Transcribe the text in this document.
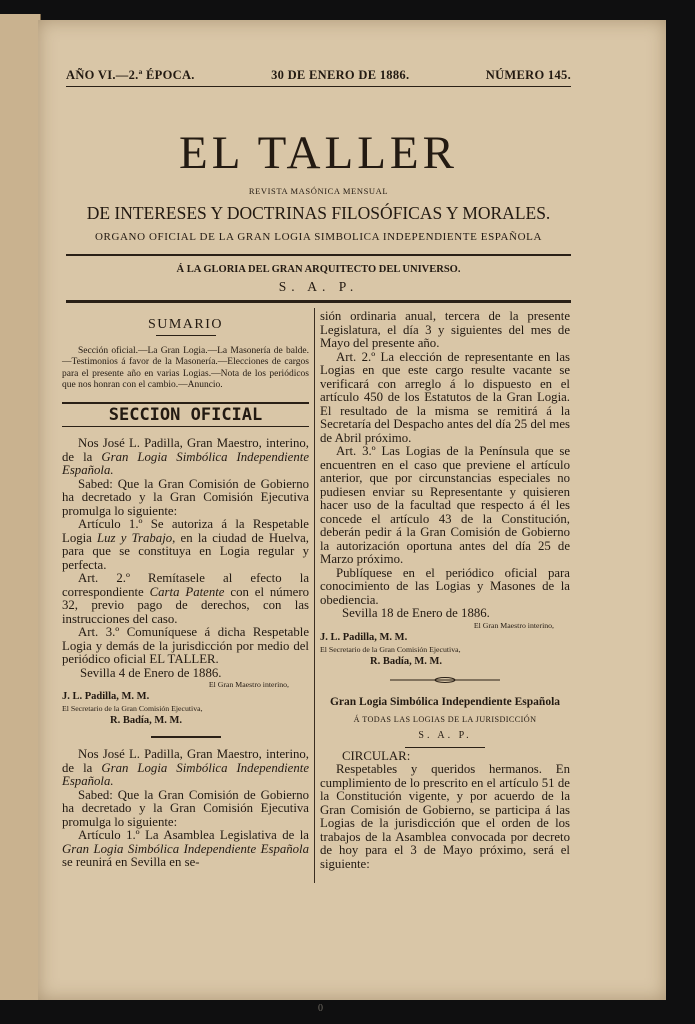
AÑO VI.—2.ª ÉPOCA.	30 DE ENERO DE 1886.	NÚMERO 145.
EL TALLER
REVISTA MASÓNICA MENSUAL
DE INTERESES Y DOCTRINAS FILOSÓFICAS Y MORALES.
ORGANO OFICIAL DE LA GRAN LOGIA SIMBOLICA INDEPENDIENTE ESPAÑOLA
Á LA GLORIA DEL GRAN ARQUITECTO DEL UNIVERSO.
S. A. P.
SUMARIO

Sección oficial.—La Gran Logia.—La Masonería de balde.—Testimonios á favor de la Masonería.—Elecciones de cargos para el presente año en varias Logias.—Nota de los periódicos que nos honran con el cambio.—Anuncio.

SECCION OFICIAL

Nos José L. Padilla, Gran Maestro, interino, de la Gran Logia Simbólica Independiente Española.

Sabed: Que la Gran Comisión de Gobierno ha decretado y la Gran Comisión Ejecutiva promulga lo siguiente:

Artículo 1.º Se autoriza á la Respetable Logia Luz y Trabajo, en la ciudad de Huelva, para que se constituya en Logia regular y perfecta.

Art. 2.º Remítasele al efecto la correspondiente Carta Patente con el número 32, previo pago de derechos, con las instrucciones del caso.

Art. 3.º Comuníquese á dicha Respetable Logia y demás de la jurisdicción por medio del periódico oficial EL TALLER.

Sevilla 4 de Enero de 1886.

El Gran Maestro interino,

J. L. Padilla, M. M.

El Secretario de la Gran Comisión Ejecutiva,

R. Badía, M. M.

Nos José L. Padilla, Gran Maestro, interino, de la Gran Logia Simbólica Independiente Española.

Sabed: Que la Gran Comisión de Gobierno ha decretado y la Gran Comisión Ejecutiva promulga lo siguiente:

Artículo 1.º La Asamblea Legislativa de la Gran Logia Simbólica Independiente Española se reunirá en Sevilla en se-

sión ordinaria anual, tercera de la presente Legislatura, el día 3 y siguientes del mes de Mayo del presente año.

Art. 2.º La elección de representante en las Logias en que este cargo resulte vacante se verificará con arreglo á lo dispuesto en el artículo 450 de los Estatutos de la Gran Logia. El resultado de la misma se remitirá á la Secretaría del Despacho antes del día 25 del mes de Abril próximo.

Art. 3.º Las Logias de la Península que se encuentren en el caso que previene el artículo anterior, que por circunstancias especiales no pudiesen enviar su Representante y quisieren hacer uso de la facultad que respecto á él les concede el artículo 43 de la Constitución, deberán pedir á la Gran Comisión de Gobierno la autorización oportuna antes del día 25 de Marzo próximo.

Publíquese en el periódico oficial para conocimiento de las Logias y Masones de la obediencia.

Sevilla 18 de Enero de 1886.

El Gran Maestro interino,

J. L. Padilla, M. M.

El Secretario de la Gran Comisión Ejecutiva,

R. Badía, M. M.

Gran Logia Simbólica Independiente Española
Á TODAS LAS LOGIAS DE LA JURISDICCIÓN
S. A. P.

CIRCULAR:

Respetables y queridos hermanos. En cumplimiento de lo prescrito en el artículo 51 de la Constitución vigente, y por acuerdo de la Gran Comisión de Gobierno, se participa á las Logias de la jurisdicción que el orden de los trabajos de la Asamblea convocada por decreto de hoy para el 3 de Mayo próximo, será el siguiente:

0
